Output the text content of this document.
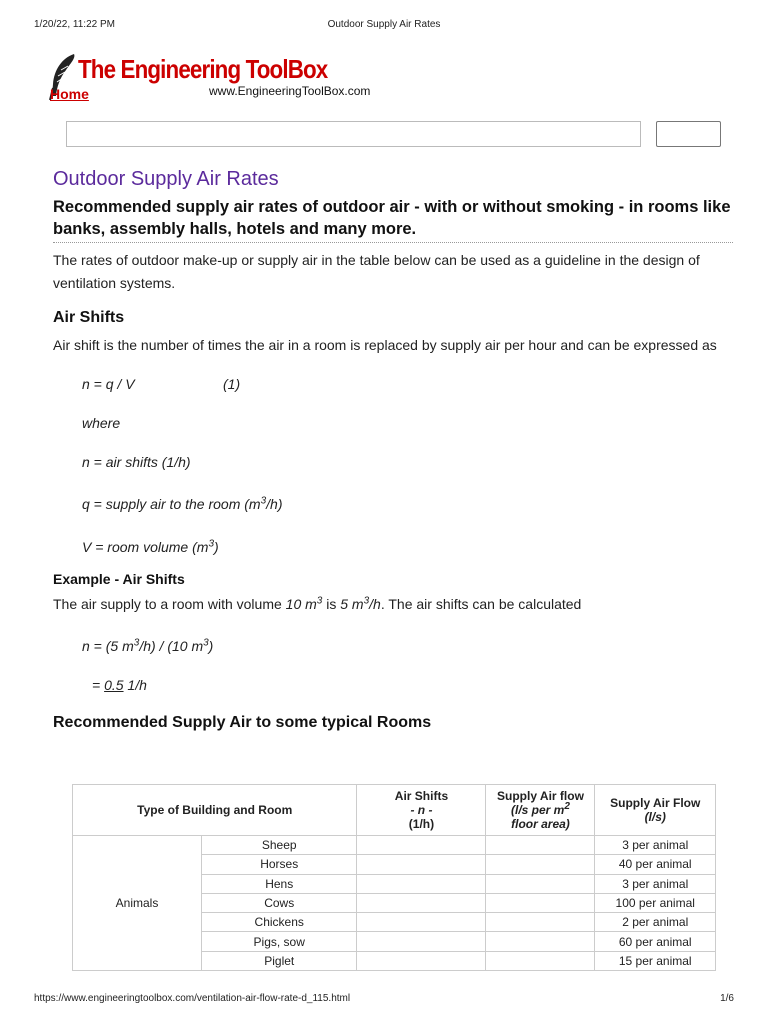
1/20/22, 11:22 PM	Outdoor Supply Air Rates
The Engineering ToolBox
Home	www.EngineeringToolBox.com
Outdoor Supply Air Rates
Recommended supply air rates of outdoor air - with or without smoking - in rooms like banks, assembly halls, hotels and many more.

The rates of outdoor make-up or supply air in the table below can be used as a guideline in the design of ventilation systems.

Air Shifts

Air shift is the number of times the air in a room is replaced by supply air per hour and can be expressed as

n = q / V	(1)
where
n = air shifts (1/h)
q = supply air to the room $(m^3/h)$
V = room volume $(m^3)$
Example - Air Shifts

The air supply to a room with volume 10 $m^3$ is 5 $m^3/h$. The air shifts can be calculated

n = (5 $m^3/h) / (10$ $m^3$)
= 0.5 1/h
Recommended Supply Air to some typical Rooms
Type of Building and Room		Air Shifts
- n -
(1/h)	Supply Air flow
(l/s per $m^2$
floor area)	Supply Air Flow
(l/s)
Animals	Sheep			3 per animal
	Horses			40 per animal
	Hens			3 per animal
	Cows			100 per animal
	Chickens			2 per animal
	Pigs, sow			60 per animal
	Piglet			15 per animal
https://www.engineeringtoolbox.com/ventilation-air-flow-rate-d_115.html	1/6
